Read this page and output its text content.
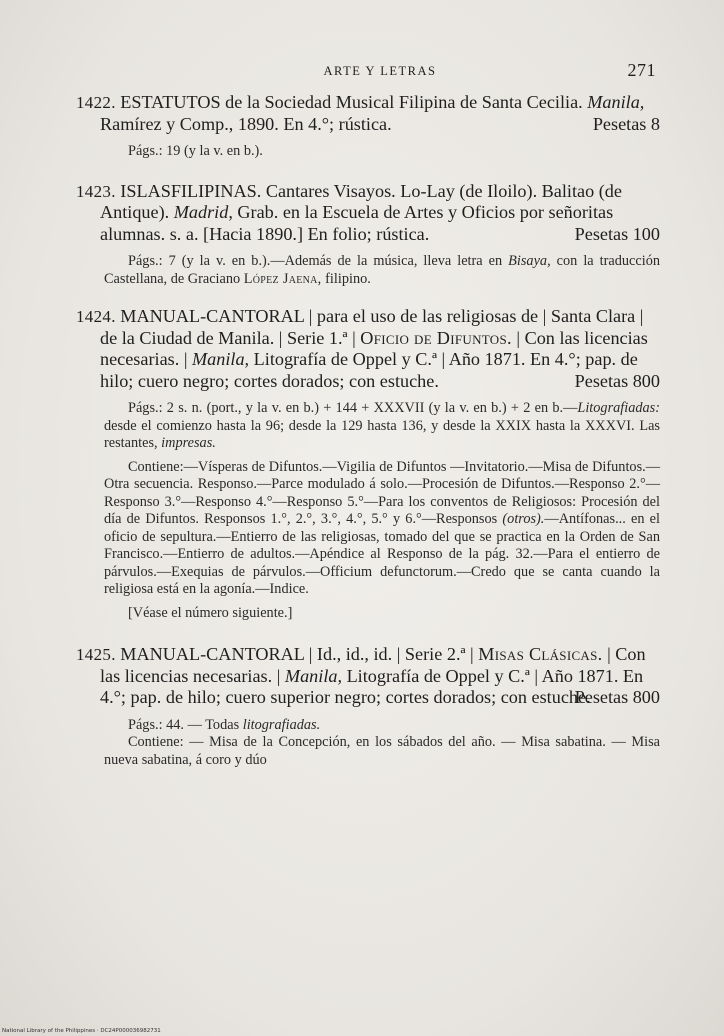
ARTE Y LETRAS	271

1422. ESTATUTOS de la Sociedad Musical Filipina de Santa Cecilia. Manila, Ramírez y Comp., 1890. En 4.°; rústica.	Pesetas 8

Págs.: 19 (y la v. en b.).

1423. ISLASFILIPINAS. Cantares Visayos. Lo-Lay (de Iloilo). Balitao (de Antique). Madrid, Grab. en la Escuela de Artes y Oficios por señoritas alumnas. s. a. [Hacia 1890.] En folio; rústica.	Pesetas 100

Págs.: 7 (y la v. en b.).—Además de la música, lleva letra en Bisaya, con la traducción Castellana, de Graciano López Jaena, filipino.

1424. MANUAL-CANTORAL | para el uso de las religiosas de | Santa Clara | de la Ciudad de Manila. | Serie 1.ª | Oficio de Difuntos. | Con las licencias necesarias. | Manila, Litografía de Oppel y C.ª | Año 1871. En 4.°; pap. de hilo; cuero negro; cortes dorados; con estuche.	Pesetas 800

Págs.: 2 s. n. (port., y la v. en b.) + 144 + XXXVII (y la v. en b.) + 2 en b.—Litografiadas: desde el comienzo hasta la 96; desde la 129 hasta 136, y desde la XXIX hasta la XXXVI. Las restantes, impresas.

Contiene:—Vísperas de Difuntos.—Vigilia de Difuntos —Invitatorio.—Misa de Difuntos.—Otra secuencia. Responso.—Parce modulado á solo.—Procesión de Difuntos.—Responso 2.°—Responso 3.°—Responso 4.°—Responso 5.°—Para los conventos de Religiosos: Procesión del día de Difuntos. Responsos 1.°, 2.°, 3.°, 4.°, 5.° y 6.°—Responsos (otros).—Antífonas... en el oficio de sepultura.—Entierro de las religiosas, tomado del que se practica en la Orden de San Francisco.—Entierro de adultos.—Apéndice al Responso de la pág. 32.—Para el entierro de párvulos.—Exequias de párvulos.—Officium defunctorum.—Credo que se canta cuando la religiosa está en la agonía.—Indice.

[Véase el número siguiente.]

1425. MANUAL-CANTORAL | Id., id., id. | Serie 2.ª | Misas Clásicas. | Con las licencias necesarias. | Manila, Litografía de Oppel y C.ª | Año 1871. En 4.°; pap. de hilo; cuero superior negro; cortes dorados; con estuche.
Pesetas 800

Págs.: 44. — Todas litografiadas.

Contiene: — Misa de la Concepción, en los sábados del año. — Misa sabatina. — Misa nueva sabatina, á coro y dúo

National Library of the Philippines · DC24P000036982731
